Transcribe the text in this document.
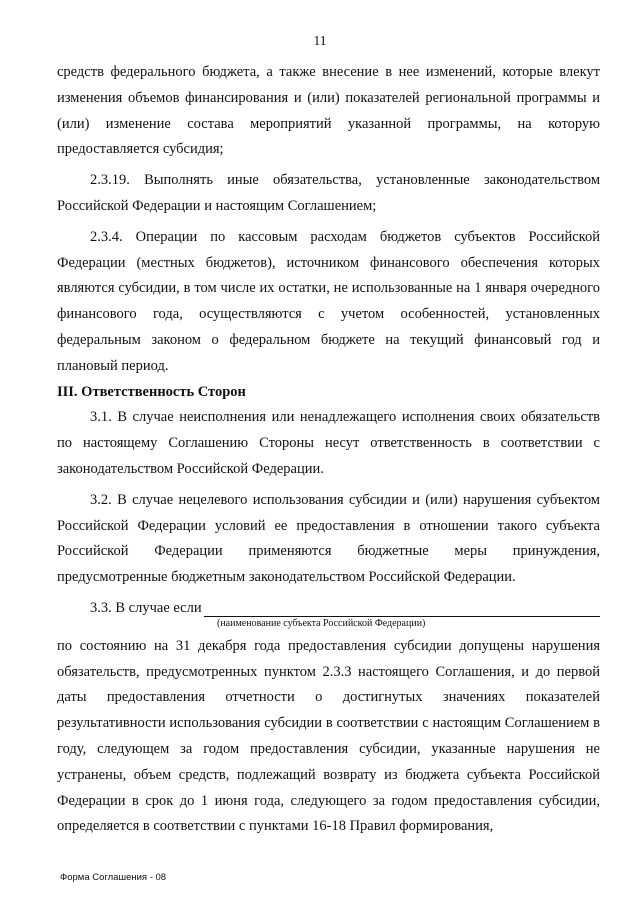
11

средств федерального бюджета, а также внесение в нее изменений, которые влекут изменения объемов финансирования и (или) показателей региональной программы и (или) изменение состава мероприятий указанной программы, на которую предоставляется субсидия;

2.3.19. Выполнять иные обязательства, установленные законодательством Российской Федерации и настоящим Соглашением;

2.3.4. Операции по кассовым расходам бюджетов субъектов Российской Федерации (местных бюджетов), источником финансового обеспечения которых являются субсидии, в том числе их остатки, не использованные на 1 января очередного финансового года, осуществляются с учетом особенностей, установленных федеральным законом о федеральном бюджете на текущий финансовый год и плановый период.

III. Ответственность Сторон

3.1. В случае неисполнения или ненадлежащего исполнения своих обязательств по настоящему Соглашению Стороны несут ответственность в соответствии с законодательством Российской Федерации.

3.2. В случае нецелевого использования субсидии и (или) нарушения субъектом Российской Федерации условий ее предоставления в отношении такого субъекта Российской Федерации применяются бюджетные меры принуждения, предусмотренные бюджетным законодательством Российской Федерации.

3.3. В случае если

(наименование субъекта Российской Федерации)

по состоянию на 31 декабря года предоставления субсидии допущены нарушения обязательств, предусмотренных пунктом 2.3.3 настоящего Соглашения, и до первой даты предоставления отчетности о достигнутых значениях показателей результативности использования субсидии в соответствии с настоящим Соглашением в году, следующем за годом предоставления субсидии, указанные нарушения не устранены, объем средств, подлежащий возврату из бюджета субъекта Российской Федерации в срок до 1 июня года, следующего за годом предоставления субсидии, определяется в соответствии с пунктами 16-18 Правил формирования,

Форма Соглашения - 08
